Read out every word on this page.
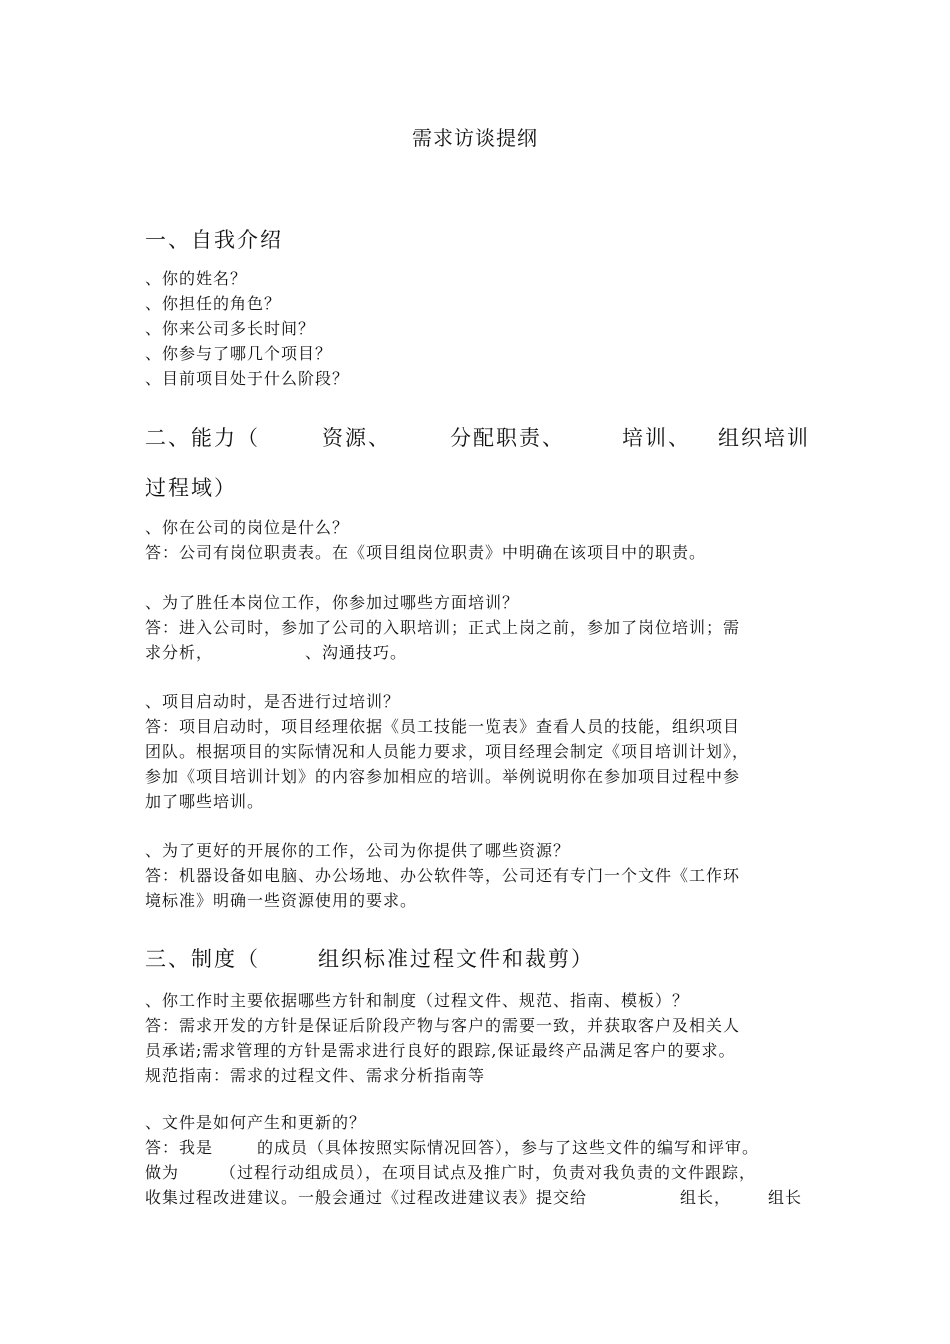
需求访谈提纲
一、自我介绍
、你的姓名？
、你担任的角色？
、你来公司多长时间？
、你参与了哪几个项目？
、目前项目处于什么阶段？
二、能力（	资源、	分配职责、	培训、 组织培训
过程域）
、你在公司的岗位是什么？
答：公司有岗位职责表。在《项目组岗位职责》中明确在该项目中的职责。
、为了胜任本岗位工作，你参加过哪些方面培训？
答：进入公司时，参加了公司的入职培训；正式上岗之前，参加了岗位培训；需
求分析，	、沟通技巧。
、项目启动时，是否进行过培训？
答：项目启动时，项目经理依据《员工技能一览表》查看人员的技能，组织项目
团队。根据项目的实际情况和人员能力要求，项目经理会制定《项目培训计划》，
参加《项目培训计划》的内容参加相应的培训。举例说明你在参加项目过程中参
加了哪些培训。
、为了更好的开展你的工作，公司为你提供了哪些资源？
答：机器设备如电脑、办公场地、办公软件等，公司还有专门一个文件《工作环
境标准》明确一些资源使用的要求。
三、制度（	组织标准过程文件和裁剪）
、你工作时主要依据哪些方针和制度（过程文件、规范、指南、模板）？
答：需求开发的方针是保证后阶段产物与客户的需要一致，并获取客户及相关人
员承诺;需求管理的方针是需求进行良好的跟踪,保证最终产品满足客户的要求。
规范指南：需求的过程文件、需求分析指南等
、文件是如何产生和更新的？
答：我是	的成员（具体按照实际情况回答），参与了这些文件的编写和评审。
做为	（过程行动组成员），在项目试点及推广时，负责对我负责的文件跟踪，
收集过程改进建议。一般会通过《过程改进建议表》提交给	组长， 组长
